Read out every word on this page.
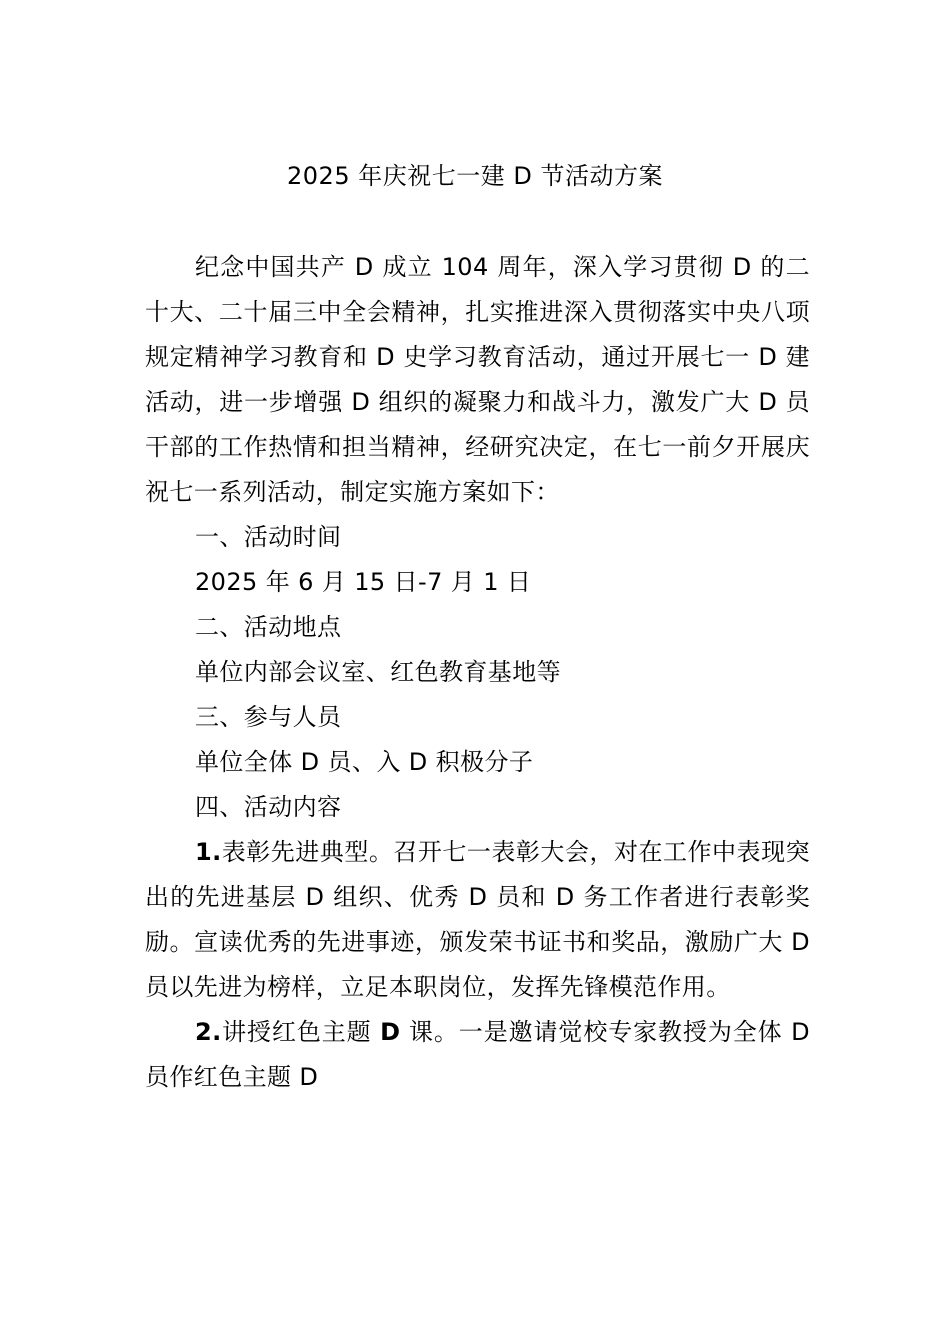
2025 年庆祝七一建 D 节活动方案

纪念中国共产 D 成立 104 周年，深入学习贯彻 D 的二十大、二十届三中全会精神，扎实推进深入贯彻落实中央八项规定精神学习教育和 D 史学习教育活动，通过开展七一 D 建活动，进一步增强 D 组织的凝聚力和战斗力，激发广大 D 员干部的工作热情和担当精神，经研究决定，在七一前夕开展庆祝七一系列活动，制定实施方案如下：

一、活动时间

2025 年 6 月 15 日-7 月 1 日

二、活动地点

单位内部会议室、红色教育基地等

三、参与人员

单位全体 D 员、入 D 积极分子

四、活动内容

1.表彰先进典型。召开七一表彰大会，对在工作中表现突出的先进基层 D 组织、优秀 D 员和 D 务工作者进行表彰奖励。宣读优秀的先进事迹，颁发荣书证书和奖品，激励广大 D 员以先进为榜样，立足本职岗位，发挥先锋模范作用。

2.讲授红色主题 D 课。一是邀请觉校专家教授为全体 D 员作红色主题 D
